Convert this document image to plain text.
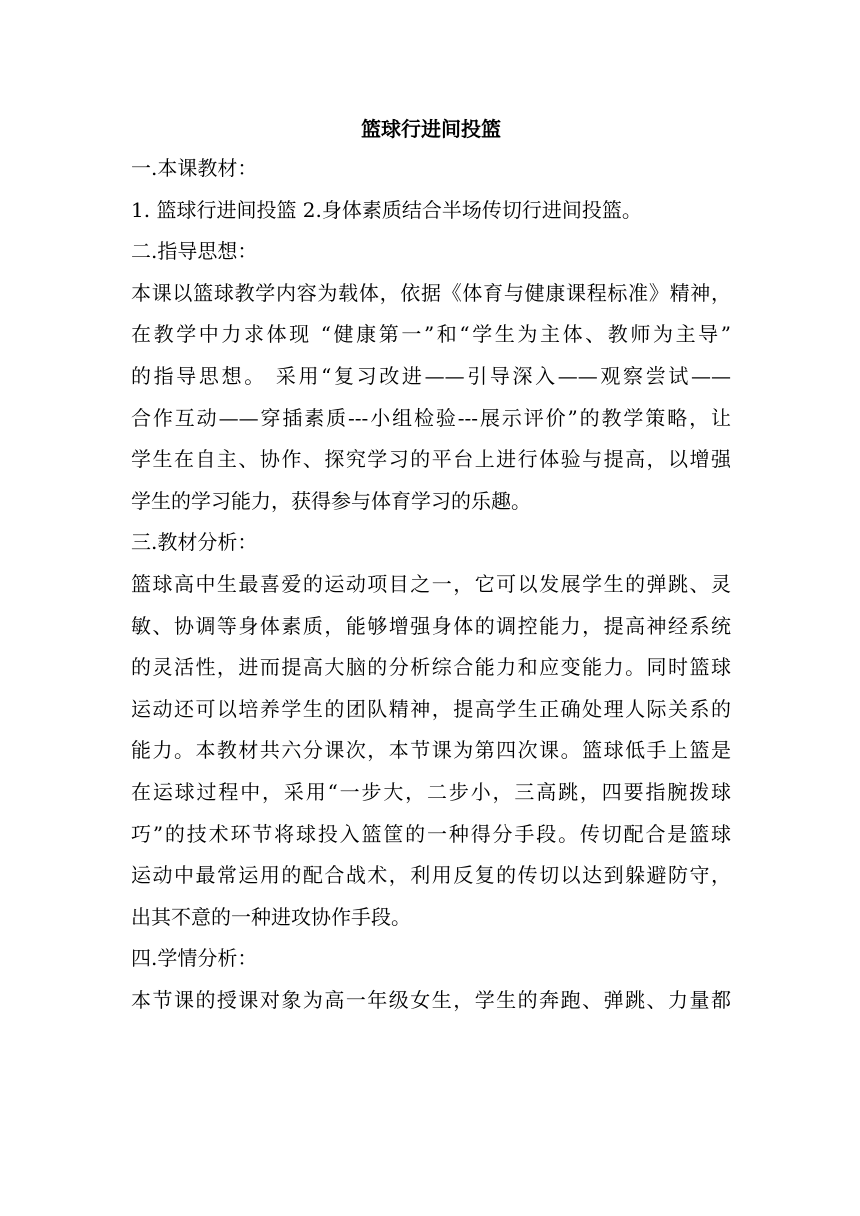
篮球行进间投篮

一.本课教材：

1. 篮球行进间投篮 2.身体素质结合半场传切行进间投篮。

二.指导思想：

本课以篮球教学内容为载体，依据《体育与健康课程标准》精神，

在教学中力求体现 “健康第一”和“学生为主体、教师为主导”

的指导思想。 采用“复习改进——引导深入——观察尝试——

合作互动——穿插素质---小组检验---展示评价”的教学策略，让

学生在自主、协作、探究学习的平台上进行体验与提高，以增强

学生的学习能力，获得参与体育学习的乐趣。

三.教材分析：

篮球高中生最喜爱的运动项目之一，它可以发展学生的弹跳、灵

敏、协调等身体素质，能够增强身体的调控能力，提高神经系统

的灵活性，进而提高大脑的分析综合能力和应变能力。同时篮球

运动还可以培养学生的团队精神，提高学生正确处理人际关系的

能力。本教材共六分课次，本节课为第四次课。篮球低手上篮是

在运球过程中，采用“一步大，二步小，三高跳，四要指腕拨球

巧”的技术环节将球投入篮筐的一种得分手段。传切配合是篮球

运动中最常运用的配合战术，利用反复的传切以达到躲避防守，

出其不意的一种进攻协作手段。

四.学情分析：

本节课的授课对象为高一年级女生，学生的奔跑、弹跳、力量都
